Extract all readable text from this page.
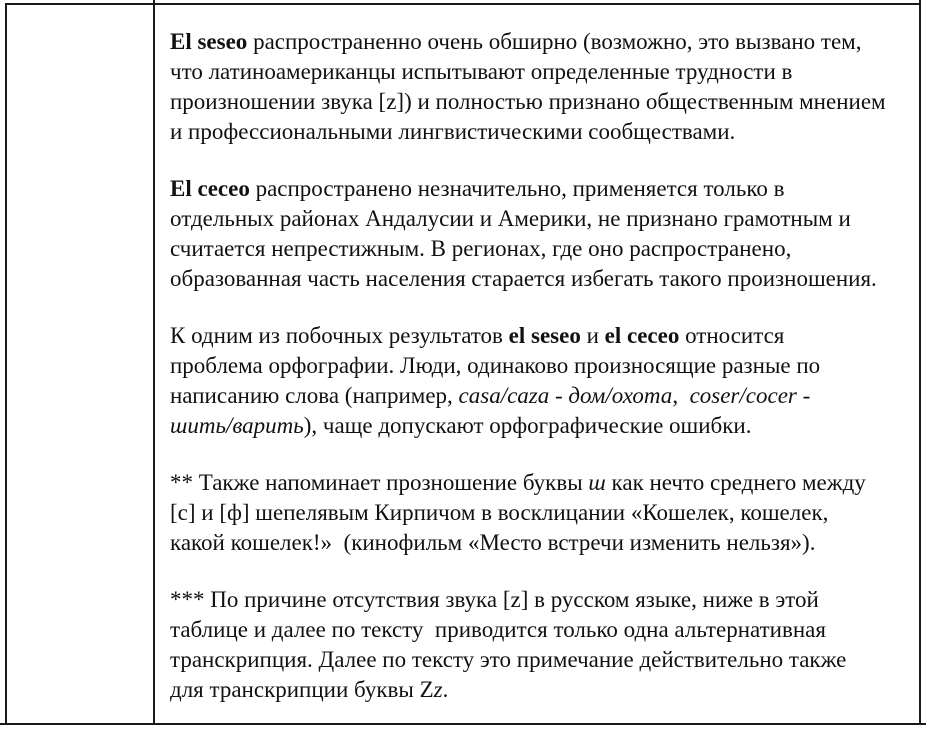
El seseo распространенно очень обширно (возможно, это вызвано тем,
что латиноамериканцы испытывают определенные трудности в
произношении звука [z]) и полностью признано общественным мнением
и профессиональными лингвистическими сообществами.

El ceceo распространено незначительно, применяется только в
отдельных районах Андалусии и Америки, не признано грамотным и
считается непрестижным. В регионах, где оно распространено,
образованная часть населения старается избегать такого произношения.

К одним из побочных результатов el seseo и el ceceo относится
проблема орфографии. Люди, одинаково произносящие разные по
написанию слова (например, casa/caza - дом/охота,  coser/cocer -
шить/варить), чаще допускают орфографические ошибки.

** Также напоминает прозношение буквы ш как нечто среднего между
[с] и [ф] шепелявым Кирпичом в восклицании «Кошелек, кошелек,
какой кошелек!»  (кинофильм «Место встречи изменить нельзя»).

*** По причине отсутствия звука [z] в русском языке, ниже в этой
таблице и далее по тексту  приводится только одна альтернативная
транскрипция. Далее по тексту это примечание действительно также
для транскрипции буквы Zz.
